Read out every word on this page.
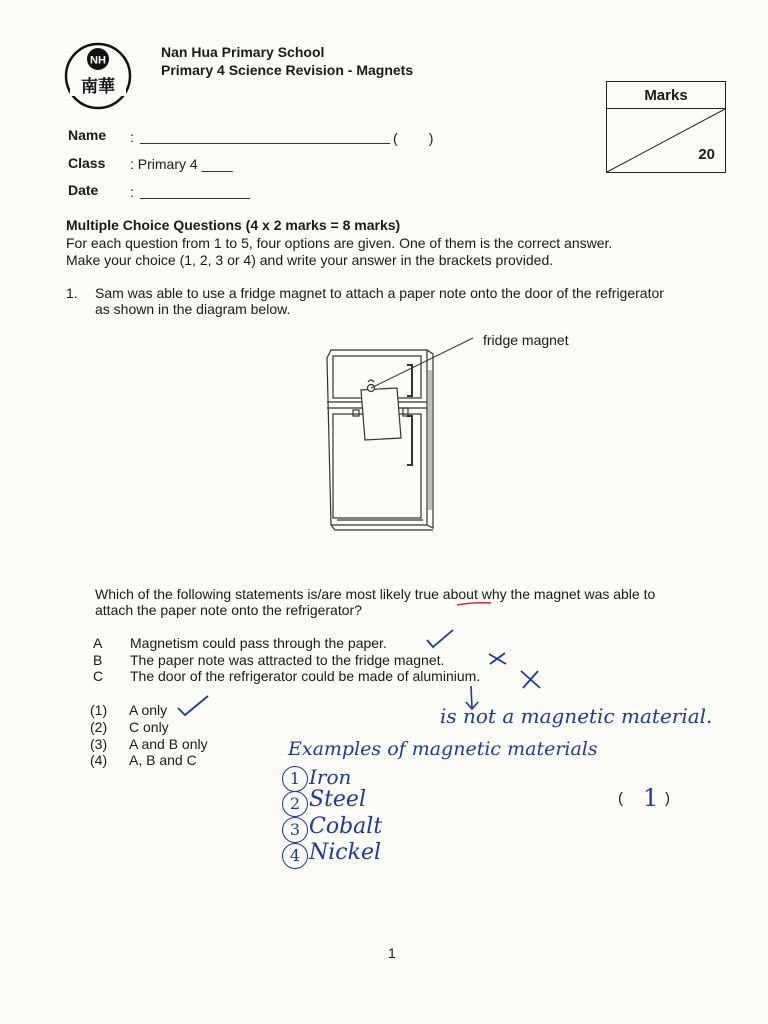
NH
南華
Nan Hua Primary School
Primary 4 Science Revision - Magnets
Marks
20
Name :	(        )
Class : Primary 4 ____
Date :
Multiple Choice Questions (4 x 2 marks = 8 marks)
For each question from 1 to 5, four options are given. One of them is the correct answer.
Make your choice (1, 2, 3 or 4) and write your answer in the brackets provided.
1. Sam was able to use a fridge magnet to attach a paper note onto the door of the refrigerator
as shown in the diagram below.
fridge magnet
Which of the following statements is/are most likely true about why the magnet was able to
attach the paper note onto the refrigerator?
A Magnetism could pass through the paper.
B The paper note was attracted to the fridge magnet.
C The door of the refrigerator could be made of aluminium.
(1) A only
(2) C only
(3) A and B only
(4) A, B and C
is not a magnetic material.
Examples of magnetic materials
1 Iron
2 Steel
3 Cobalt
4 Nickel
( 1 )
1
